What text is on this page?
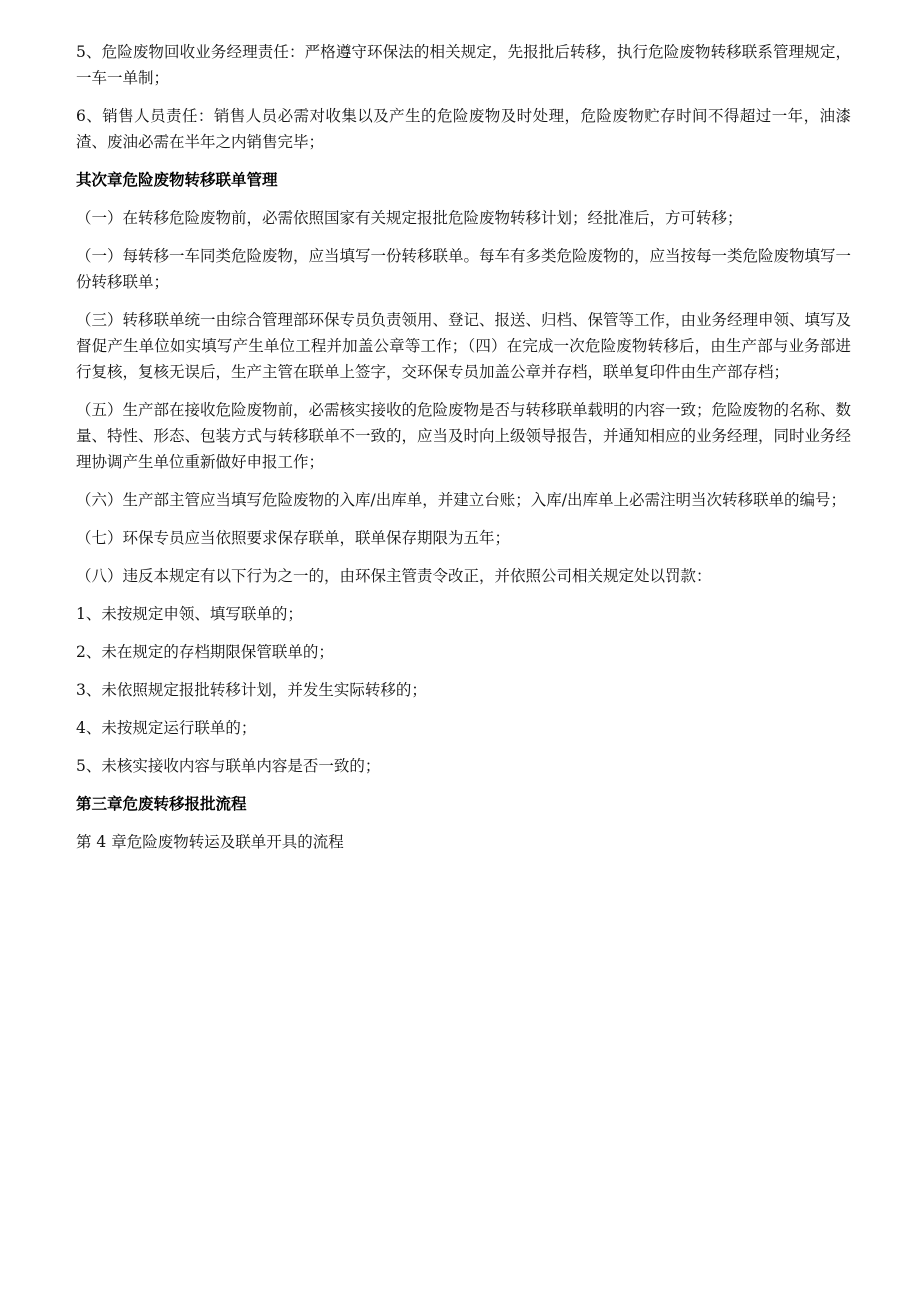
5、危险废物回收业务经理责任：严格遵守环保法的相关规定，先报批后转移，执行危险废物转移联系管理规定，一车一单制；

6、销售人员责任：销售人员必需对收集以及产生的危险废物及时处理，危险废物贮存时间不得超过一年，油漆渣、废油必需在半年之内销售完毕；

其次章危险废物转移联单管理

（一）在转移危险废物前，必需依照国家有关规定报批危险废物转移计划；经批准后，方可转移；

（一）每转移一车同类危险废物，应当填写一份转移联单。每车有多类危险废物的，应当按每一类危险废物填写一份转移联单；

（三）转移联单统一由综合管理部环保专员负责领用、登记、报送、归档、保管等工作，由业务经理申领、填写及督促产生单位如实填写产生单位工程并加盖公章等工作；（四）在完成一次危险废物转移后，由生产部与业务部进行复核，复核无误后，生产主管在联单上签字，交环保专员加盖公章并存档，联单复印件由生产部存档；

（五）生产部在接收危险废物前，必需核实接收的危险废物是否与转移联单载明的内容一致；危险废物的名称、数量、特性、形态、包装方式与转移联单不一致的，应当及时向上级领导报告，并通知相应的业务经理，同时业务经理协调产生单位重新做好申报工作；

（六）生产部主管应当填写危险废物的入库/出库单，并建立台账；入库/出库单上必需注明当次转移联单的编号；

（七）环保专员应当依照要求保存联单，联单保存期限为五年；

（八）违反本规定有以下行为之一的，由环保主管责令改正，并依照公司相关规定处以罚款：

1、未按规定申领、填写联单的；

2、未在规定的存档期限保管联单的；

3、未依照规定报批转移计划，并发生实际转移的；

4、未按规定运行联单的；

5、未核实接收内容与联单内容是否一致的；

第三章危废转移报批流程

第 4 章危险废物转运及联单开具的流程
